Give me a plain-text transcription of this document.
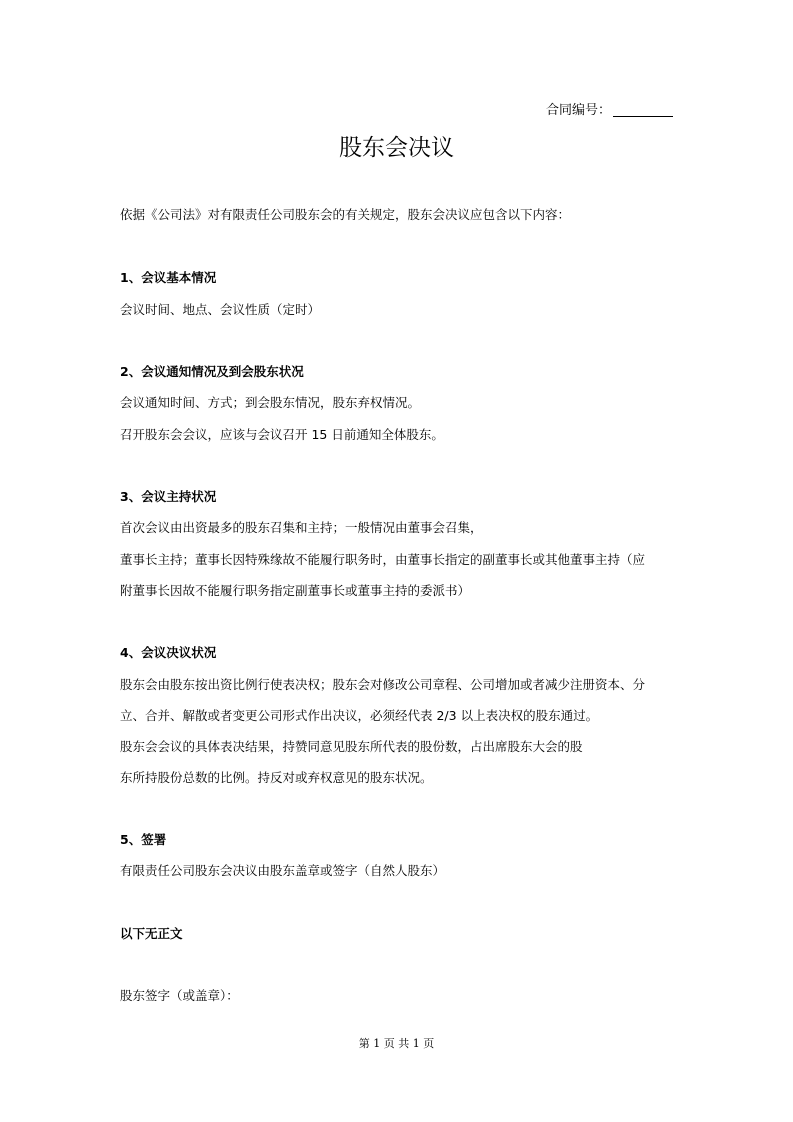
合同编号：
股东会决议
依据《公司法》对有限责任公司股东会的有关规定，股东会决议应包含以下内容：
1、会议基本情况
会议时间、地点、会议性质（定时）
2、会议通知情况及到会股东状况
会议通知时间、方式；到会股东情况，股东弃权情况。
召开股东会会议，应该与会议召开 15 日前通知全体股东。
3、会议主持状况
首次会议由出资最多的股东召集和主持；一般情况由董事会召集，
董事长主持；董事长因特殊缘故不能履行职务时，由董事长指定的副董事长或其他董事主持（应
附董事长因故不能履行职务指定副董事长或董事主持的委派书）
4、会议决议状况
股东会由股东按出资比例行使表决权；股东会对修改公司章程、公司增加或者减少注册资本、分
立、合并、解散或者变更公司形式作出决议，必须经代表 2/3 以上表决权的股东通过。
股东会会议的具体表决结果，持赞同意见股东所代表的股份数，占出席股东大会的股
东所持股份总数的比例。持反对或弃权意见的股东状况。
5、签署
有限责任公司股东会决议由股东盖章或签字（自然人股东）
以下无正文
股东签字（或盖章）：
第 1 页 共 1 页
